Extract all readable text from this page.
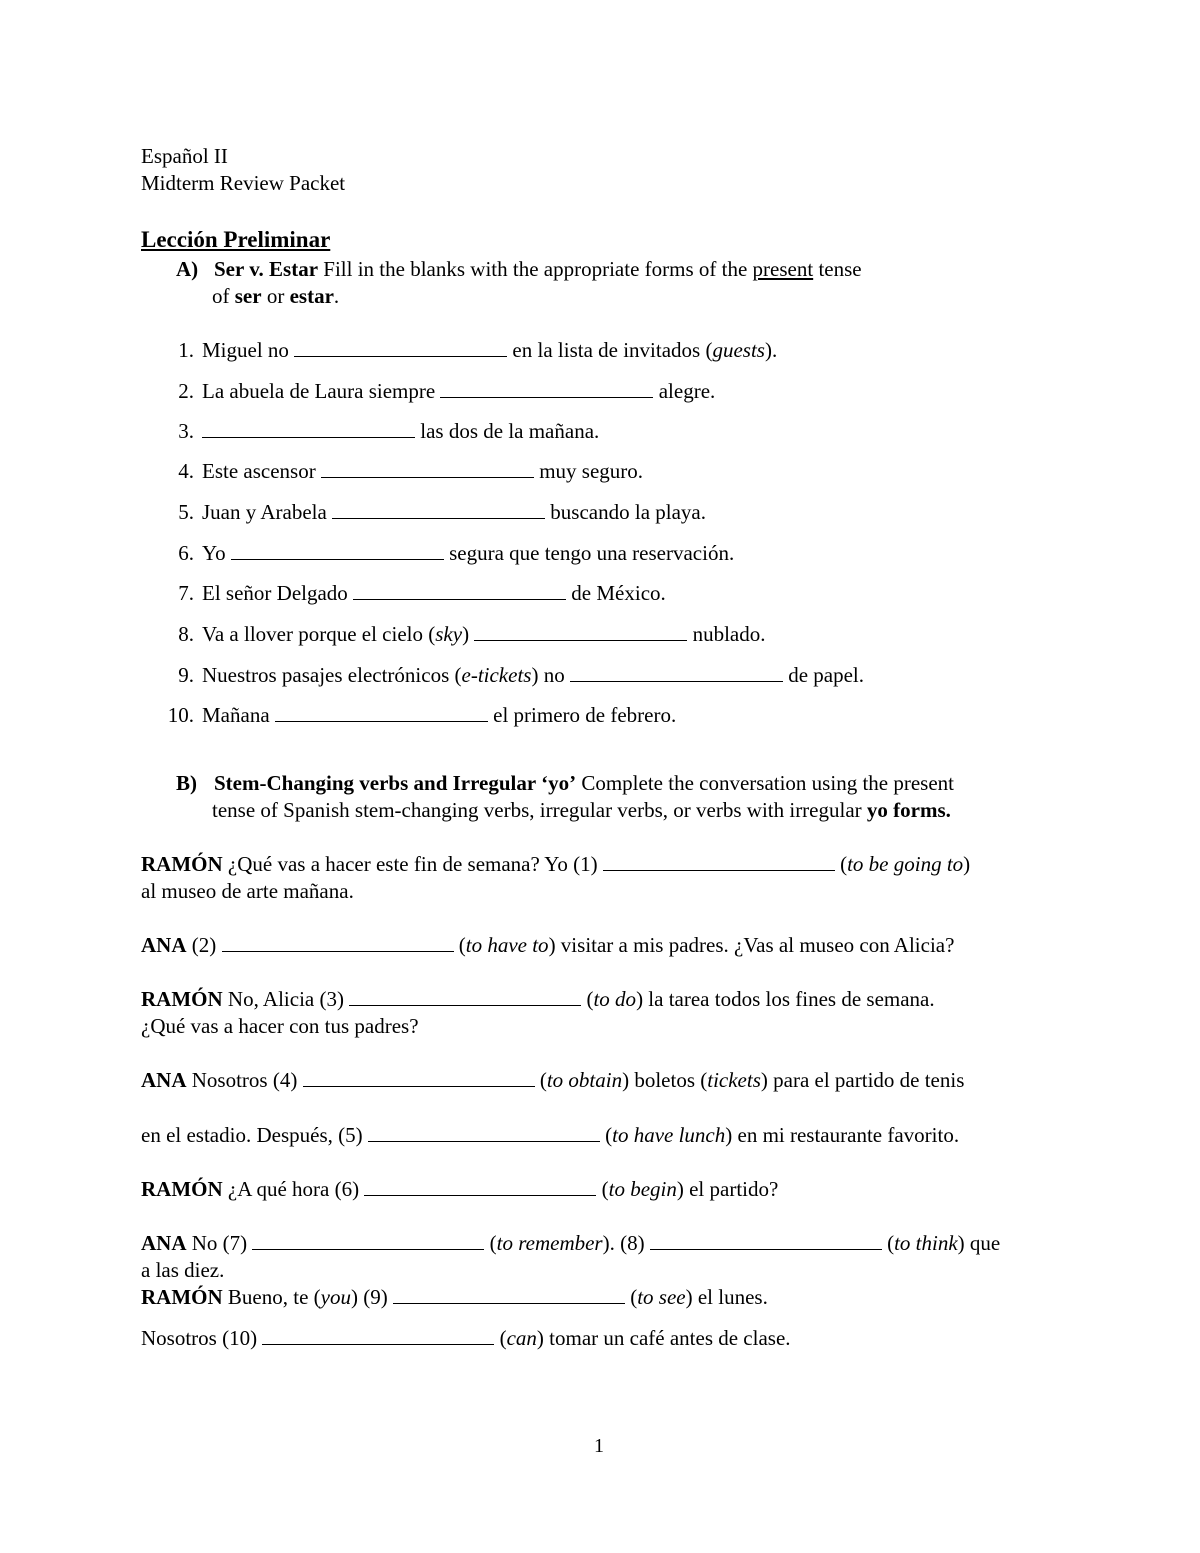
Español II
Midterm Review Packet
Lección Preliminar
A) Ser v. Estar Fill in the blanks with the appropriate forms of the present tense
of ser or estar.
1. Miguel no	en la lista de invitados (guests).
2. La abuela de Laura siempre	alegre.
3.	las dos de la mañana.
4. Este ascensor	muy seguro.
5. Juan y Arabela	buscando la playa.
6. Yo	segura que tengo una reservación.
7. El señor Delgado	de México.
8. Va a llover porque el cielo (sky)	nublado.
9. Nuestros pasajes electrónicos (e-tickets) no	de papel.
10. Mañana	el primero de febrero.
B) Stem-Changing verbs and Irregular ‘yo’ Complete the conversation using the present
tense of Spanish stem-changing verbs, irregular verbs, or verbs with irregular yo forms.
RAMÓN ¿Qué vas a hacer este fin de semana? Yo (1)	(to be going to)
al museo de arte mañana.
ANA (2)	(to have to) visitar a mis padres. ¿Vas al museo con Alicia?
RAMÓN No, Alicia (3)	(to do) la tarea todos los fines de semana.
¿Qué vas a hacer con tus padres?
ANA Nosotros (4)	(to obtain) boletos (tickets) para el partido de tenis
en el estadio. Después, (5)	(to have lunch) en mi restaurante favorito.
RAMÓN ¿A qué hora (6)	(to begin) el partido?
ANA No (7)	(to remember). (8)	(to think) que
a las diez.
RAMÓN Bueno, te (you) (9)	(to see) el lunes.
Nosotros (10)	(can) tomar un café antes de clase.
1
